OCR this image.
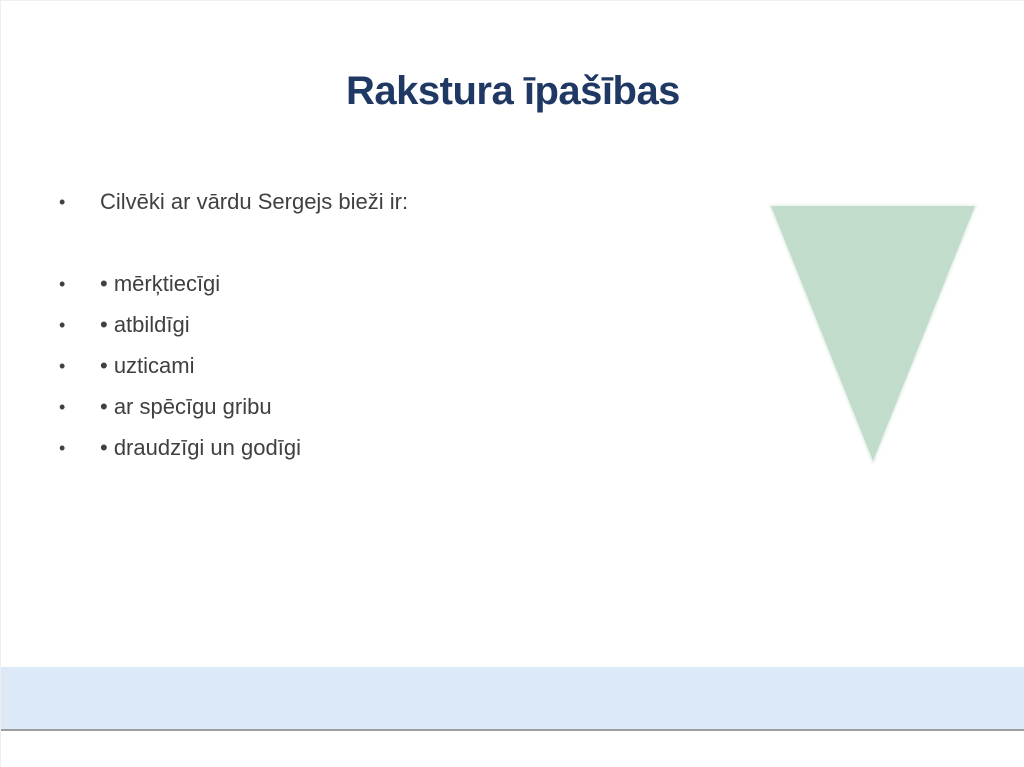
Rakstura īpašības
• Cilvēki ar vārdu Sergejs bieži ir:
• • mērķtiecīgi
• • atbildīgi
• • uzticami
• • ar spēcīgu gribu
• • draudzīgi un godīgi
